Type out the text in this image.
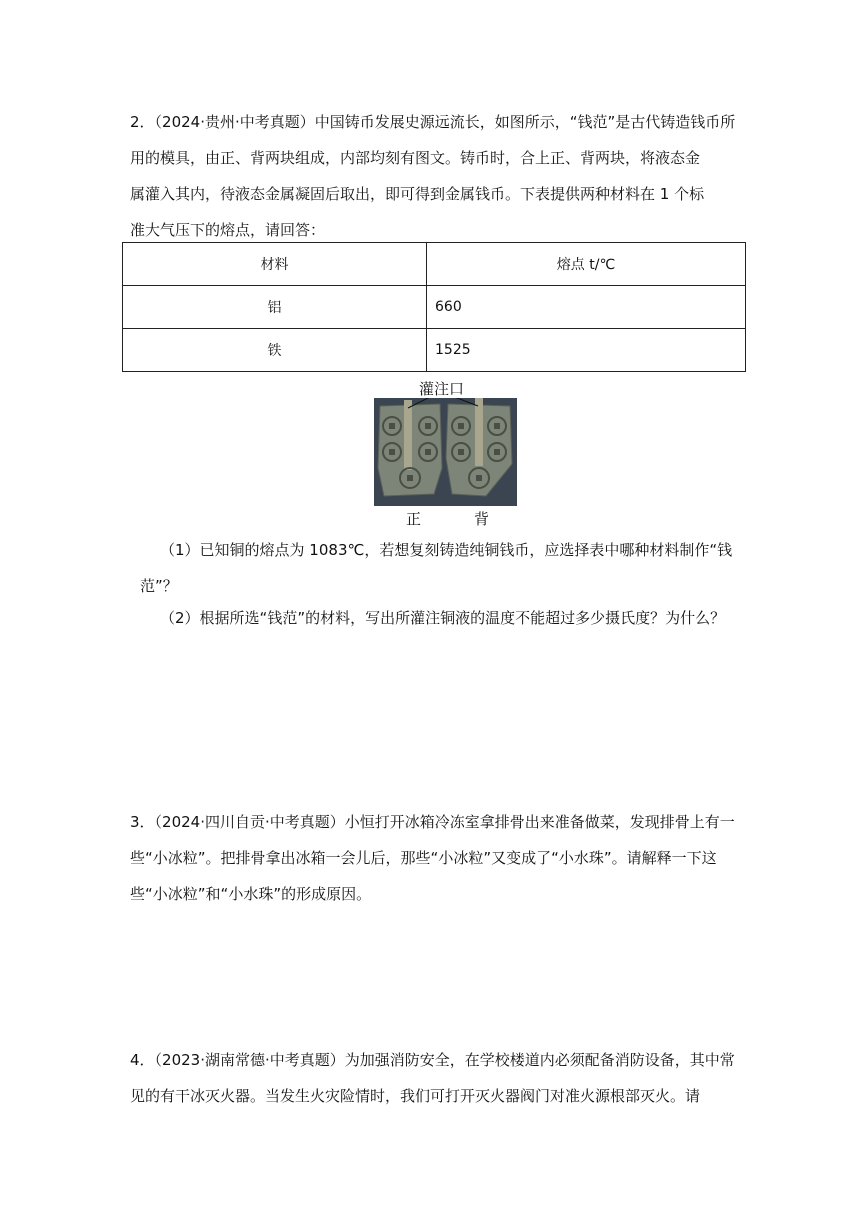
2．（2024·贵州·中考真题）中国铸币发展史源远流长，如图所示，“钱范”是古代铸造钱币所
用的模具，由正、背两块组成，内部均刻有图文。铸币时，合上正、背两块，将液态金
属灌入其内，待液态金属凝固后取出，即可得到金属钱币。下表提供两种材料在 1 个标
准大气压下的熔点，请回答：
材料	熔点 t/℃
铝	660
铁	1525
灌注口
正	背
（1）已知铜的熔点为 1083℃，若想复刻铸造纯铜钱币，应选择表中哪种材料制作“钱
范”？
（2）根据所选“钱范”的材料，写出所灌注铜液的温度不能超过多少摄氏度？为什么？
3．（2024·四川自贡·中考真题）小恒打开冰箱冷冻室拿排骨出来准备做菜，发现排骨上有一
些“小冰粒”。把排骨拿出冰箱一会儿后，那些“小冰粒”又变成了“小水珠”。请解释一下这
些“小冰粒”和“小水珠”的形成原因。
4．（2023·湖南常德·中考真题）为加强消防安全，在学校楼道内必须配备消防设备，其中常
见的有干冰灭火器。当发生火灾险情时，我们可打开灭火器阀门对准火源根部灭火。请
